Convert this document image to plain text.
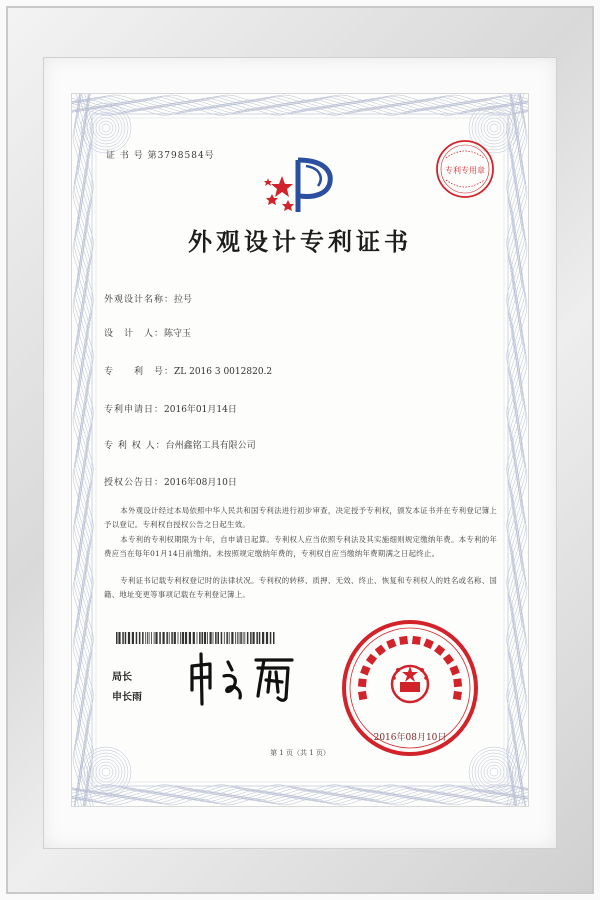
证 书 号 第3798584号
专利专用章
外观设计专利证书
外观设计名称：拉号
设　计　人：陈守玉
专　　利　号：ZL 2016 3 0012820.2
专利申请日：2016年01月14日
专 利 权 人：台州鑫铭工具有限公司
授权公告日：2016年08月10日
本外观设计经过本局依照中华人民共和国专利法进行初步审查，决定授予专利权，颁发本证书并在专利登记簿上予以登记。专利权自授权公告之日起生效。
本专利的专利权期限为十年，自申请日起算。专利权人应当依照专利法及其实施细则规定缴纳年费。本专利的年费应当在每年01月14日前缴纳。未按照规定缴纳年费的，专利权自应当缴纳年费期满之日起终止。
专利证书记载专利权登记时的法律状况。专利权的转移、质押、无效、终止、恢复和专利权人的姓名或名称、国籍、地址变更等事项记载在专利登记簿上。
局长
申长雨
2016年08月10日
第 1 页（共 1 页）
